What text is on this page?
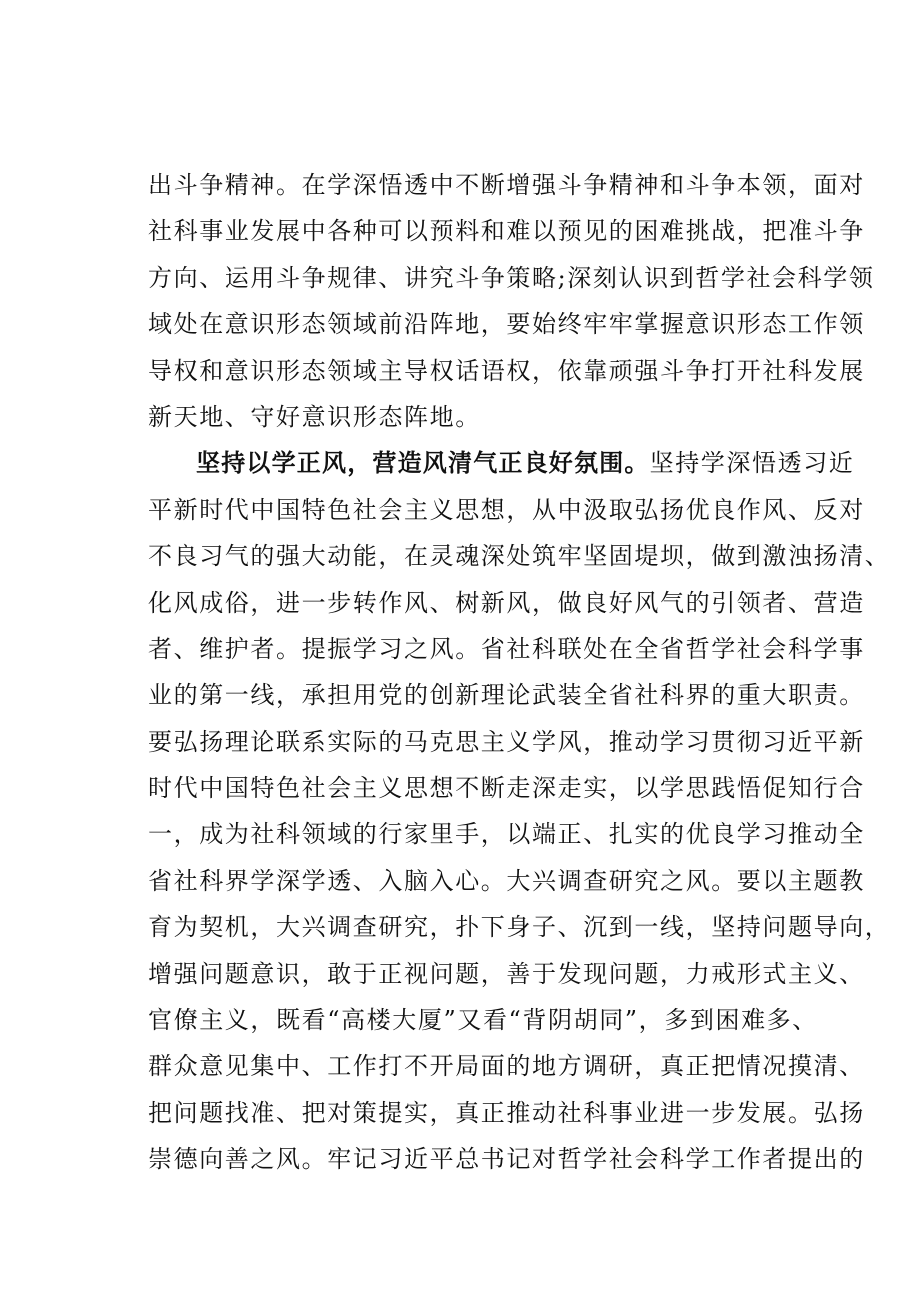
出斗争精神。在学深悟透中不断增强斗争精神和斗争本领，面对
社科事业发展中各种可以预料和难以预见的困难挑战，把准斗争
方向、运用斗争规律、讲究斗争策略;深刻认识到哲学社会科学领
域处在意识形态领域前沿阵地，要始终牢牢掌握意识形态工作领
导权和意识形态领域主导权话语权，依靠顽强斗争打开社科发展
新天地、守好意识形态阵地。
坚持以学正风，营造风清气正良好氛围。坚持学深悟透习近
平新时代中国特色社会主义思想，从中汲取弘扬优良作风、反对
不良习气的强大动能，在灵魂深处筑牢坚固堤坝，做到激浊扬清、
化风成俗，进一步转作风、树新风，做良好风气的引领者、营造
者、维护者。提振学习之风。省社科联处在全省哲学社会科学事
业的第一线，承担用党的创新理论武装全省社科界的重大职责。
要弘扬理论联系实际的马克思主义学风，推动学习贯彻习近平新
时代中国特色社会主义思想不断走深走实，以学思践悟促知行合
一，成为社科领域的行家里手，以端正、扎实的优良学习推动全
省社科界学深学透、入脑入心。大兴调查研究之风。要以主题教
育为契机，大兴调查研究，扑下身子、沉到一线，坚持问题导向，
增强问题意识，敢于正视问题，善于发现问题，力戒形式主义、
官僚主义，既看“高楼大厦”又看“背阴胡同”，多到困难多、
群众意见集中、工作打不开局面的地方调研，真正把情况摸清、
把问题找准、把对策提实，真正推动社科事业进一步发展。弘扬
崇德向善之风。牢记习近平总书记对哲学社会科学工作者提出的
